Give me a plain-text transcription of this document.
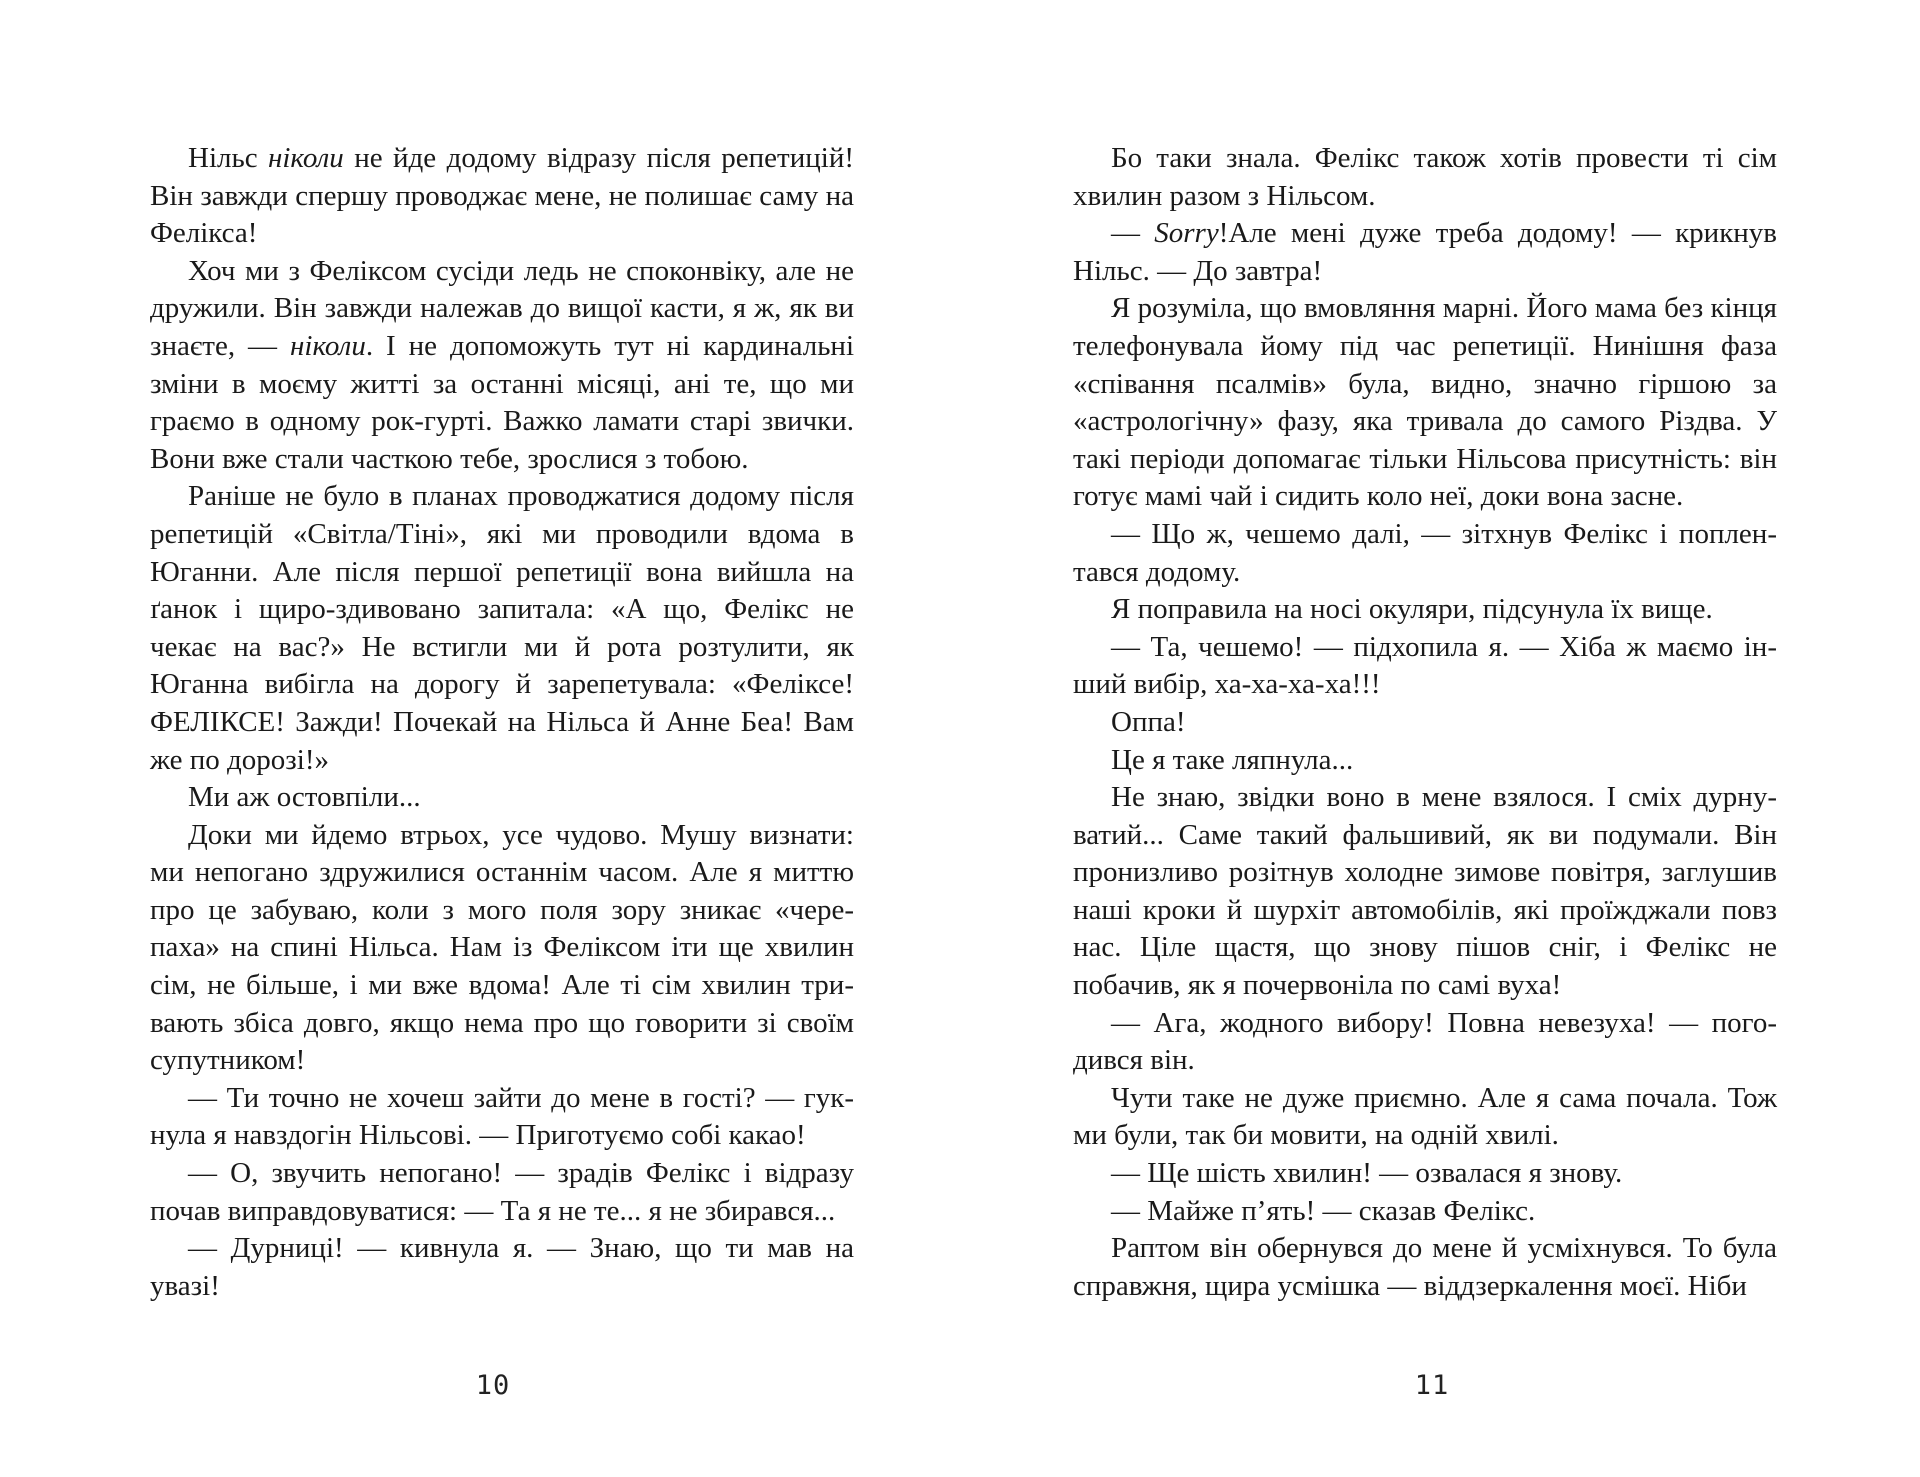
Нільс ніколи не йде додому відразу після репетицій! Він завжди спершу проводжає мене, не полишає саму на Фелікса!

Хоч ми з Феліксом сусіди ледь не споконвіку, але не дружили. Він завжди належав до вищої касти, я ж, як ви знаєте, — ніколи. І не допоможуть тут ні кардинальні зміни в моєму житті за останні місяці, ані те, що ми граємо в одному рок-гурті. Важко ламати старі звички. Вони вже стали часткою тебе, зрослися з тобою.

Раніше не було в планах проводжатися додому після репетицій «Світла/Тіні», які ми проводили вдома в Юганни. Але після першої репетиції вона вийшла на ґанок і щиро-здивовано запитала: «А що, Фелікс не чекає на вас?» Не встигли ми й рота розтулити, як Юганна вибігла на дорогу й зарепетувала: «Феліксе! ФЕЛІКСЕ! Зажди! Почекай на Нільса й Анне Беа! Вам же по дорозі!»

Ми аж остовпіли...

Доки ми йдемо втрьох, усе чудово. Мушу визнати: ми непогано здружилися останнім часом. Але я миттю про це забуваю, коли з мого поля зору зникає «черепаха» на спині Нільса. Нам із Феліксом іти ще хвилин сім, не більше, і ми вже вдома! Але ті сім хвилин тривають збіса довго, якщо нема про що говорити зі своїм супутником!

— Ти точно не хочеш зайти до мене в гості? — гукнула я навздогін Нільсові. — Приготуємо собі какао!

— О, звучить непогано! — зрадів Фелікс і відразу почав виправдовуватися: — Та я не те... я не збирався...

— Дурниці! — кивнула я. — Знаю, що ти мав на увазі!

10

Бо таки знала. Фелікс також хотів провести ті сім хвилин разом з Нільсом.

— Sorry!Але мені дуже треба додому! — крикнув Нільс. — До завтра!

Я розуміла, що вмовляння марні. Його мама без кінця телефонувала йому під час репетиції. Нинішня фаза «співання псалмів» була, видно, значно гіршою за «астрологічну» фазу, яка тривала до самого Різдва. У такі періоди допомагає тільки Нільсова присутність: він готує мамі чай і сидить коло неї, доки вона засне.

— Що ж, чешемо далі, — зітхнув Фелікс і поплентався додому.

Я поправила на носі окуляри, підсунула їх вище.

— Та, чешемо! — підхопила я. — Хіба ж маємо інший вибір, ха-ха-ха-ха!!!

Оппа!

Це я таке ляпнула...

Не знаю, звідки воно в мене взялося. І сміх дурнуватий... Саме такий фальшивий, як ви подумали. Він пронизливо розітнув холодне зимове повітря, заглушив наші кроки й шурхіт автомобілів, які проїжджали повз нас. Ціле щастя, що знову пішов сніг, і Фелікс не побачив, як я почервоніла по самі вуха!

— Ага, жодного вибору! Повна невезуха! — погодився він.

Чути таке не дуже приємно. Але я сама почала. Тож ми були, так би мовити, на одній хвилі.

— Ще шість хвилин! — озвалася я знову.

— Майже п’ять! — сказав Фелікс.

Раптом він обернувся до мене й усміхнувся. То була справжня, щира усмішка — віддзеркалення моєї. Ніби

11
